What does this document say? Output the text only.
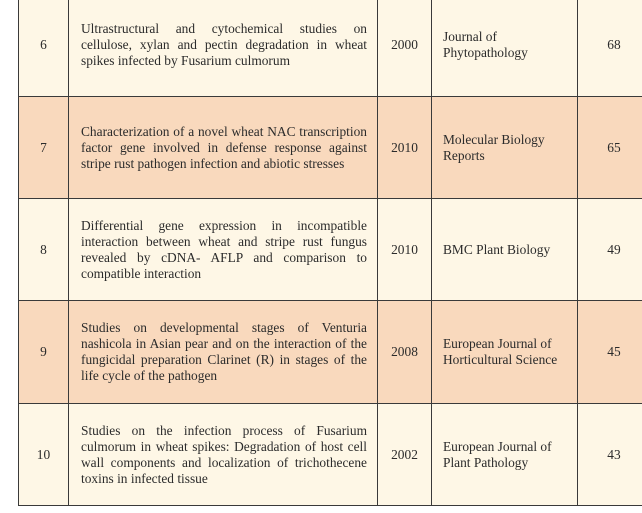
6	Ultrastructural and cytochemical studies on cellulose, xylan and pectin degradation in wheat spikes infected by Fusarium culmorum	2000	Journal of Phytopathology	68
7	Characterization of a novel wheat NAC transcription factor gene involved in defense response against stripe rust pathogen infection and abiotic stresses	2010	Molecular Biology Reports	65
8	Differential gene expression in incompatible interaction between wheat and stripe rust fungus revealed by cDNA- AFLP and comparison to compatible interaction	2010	BMC Plant Biology	49
9	Studies on developmental stages of Venturia nashicola in Asian pear and on the interaction of the fungicidal preparation Clarinet (R) in stages of the life cycle of the pathogen	2008	European Journal of Horticultural Science	45
10	Studies on the infection process of Fusarium culmorum in wheat spikes: Degradation of host cell wall components and localization of trichothecene toxins in infected tissue	2002	European Journal of Plant Pathology	43
